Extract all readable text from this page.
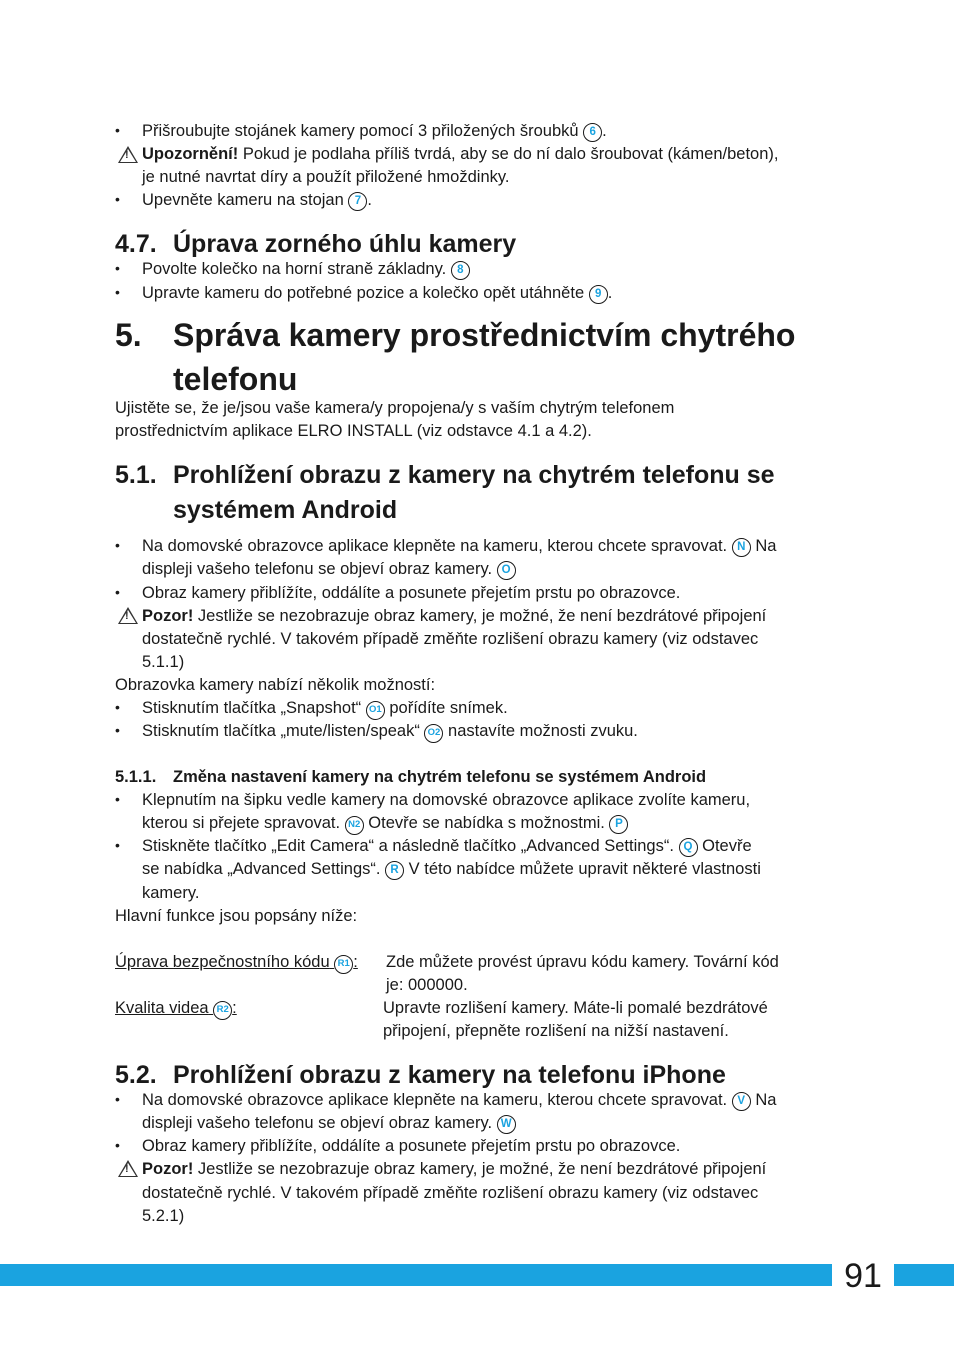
• Přišroubujte stojánek kamery pomocí 3 přiložených šroubků 6 .
!
Upozornění! Pokud je podlaha příliš tvrdá, aby se do ní dalo šroubovat (kámen/beton),
je nutné navrtat díry a použít přiložené hmoždinky.
• Upevněte kameru na stojan 7 .
4.7. Úprava zorného úhlu kamery
• Povolte kolečko na horní straně základny. 8
• Upravte kameru do potřebné pozice a kolečko opět utáhněte 9 .
5. Správa kamery prostřednictvím chytrého
telefonu
Ujistěte se, že je/jsou vaše kamera/y propojena/y s vaším chytrým telefonem
prostřednictvím aplikace ELRO INSTALL (viz odstavce 4.1 a 4.2).
5.1. Prohlížení obrazu z kamery na chytrém telefonu se
systémem Android
• Na domovské obrazovce aplikace klepněte na kameru, kterou chcete spravovat. N Na
displeji vašeho telefonu se objeví obraz kamery. O
• Obraz kamery přiblížíte, oddálíte a posunete přejetím prstu po obrazovce.
!
Pozor! Jestliže se nezobrazuje obraz kamery, je možné, že není bezdrátové připojení
dostatečně rychlé. V takovém případě změňte rozlišení obrazu kamery (viz odstavec
5.1.1)
Obrazovka kamery nabízí několik možností:
• Stisknutím tlačítka „Snapshot“ O1 pořídíte snímek.
• Stisknutím tlačítka „mute/listen/speak“ O2 nastavíte možnosti zvuku.
5.1.1. Změna nastavení kamery na chytrém telefonu se systémem Android
• Klepnutím na šipku vedle kamery na domovské obrazovce aplikace zvolíte kameru,
kterou si přejete spravovat. N2 Otevře se nabídka s možnostmi. P
• Stiskněte tlačítko „Edit Camera“ a následně tlačítko „Advanced Settings“. Q Otevře
se nabídka „Advanced Settings“. R V této nabídce můžete upravit některé vlastnosti
kamery.
Hlavní funkce jsou popsány níže:
Úprava bezpečnostního kódu R1 : Zde můžete provést úpravu kódu kamery. Tovární kód
je: 000000.
Kvalita videa R2 :	Upravte rozlišení kamery. Máte-li pomalé bezdrátové
připojení, přepněte rozlišení na nižší nastavení.
5.2. Prohlížení obrazu z kamery na telefonu iPhone
• Na domovské obrazovce aplikace klepněte na kameru, kterou chcete spravovat. V Na
displeji vašeho telefonu se objeví obraz kamery. W
• Obraz kamery přiblížíte, oddálíte a posunete přejetím prstu po obrazovce.
!
Pozor! Jestliže se nezobrazuje obraz kamery, je možné, že není bezdrátové připojení
dostatečně rychlé. V takovém případě změňte rozlišení obrazu kamery (viz odstavec
5.2.1)
91
